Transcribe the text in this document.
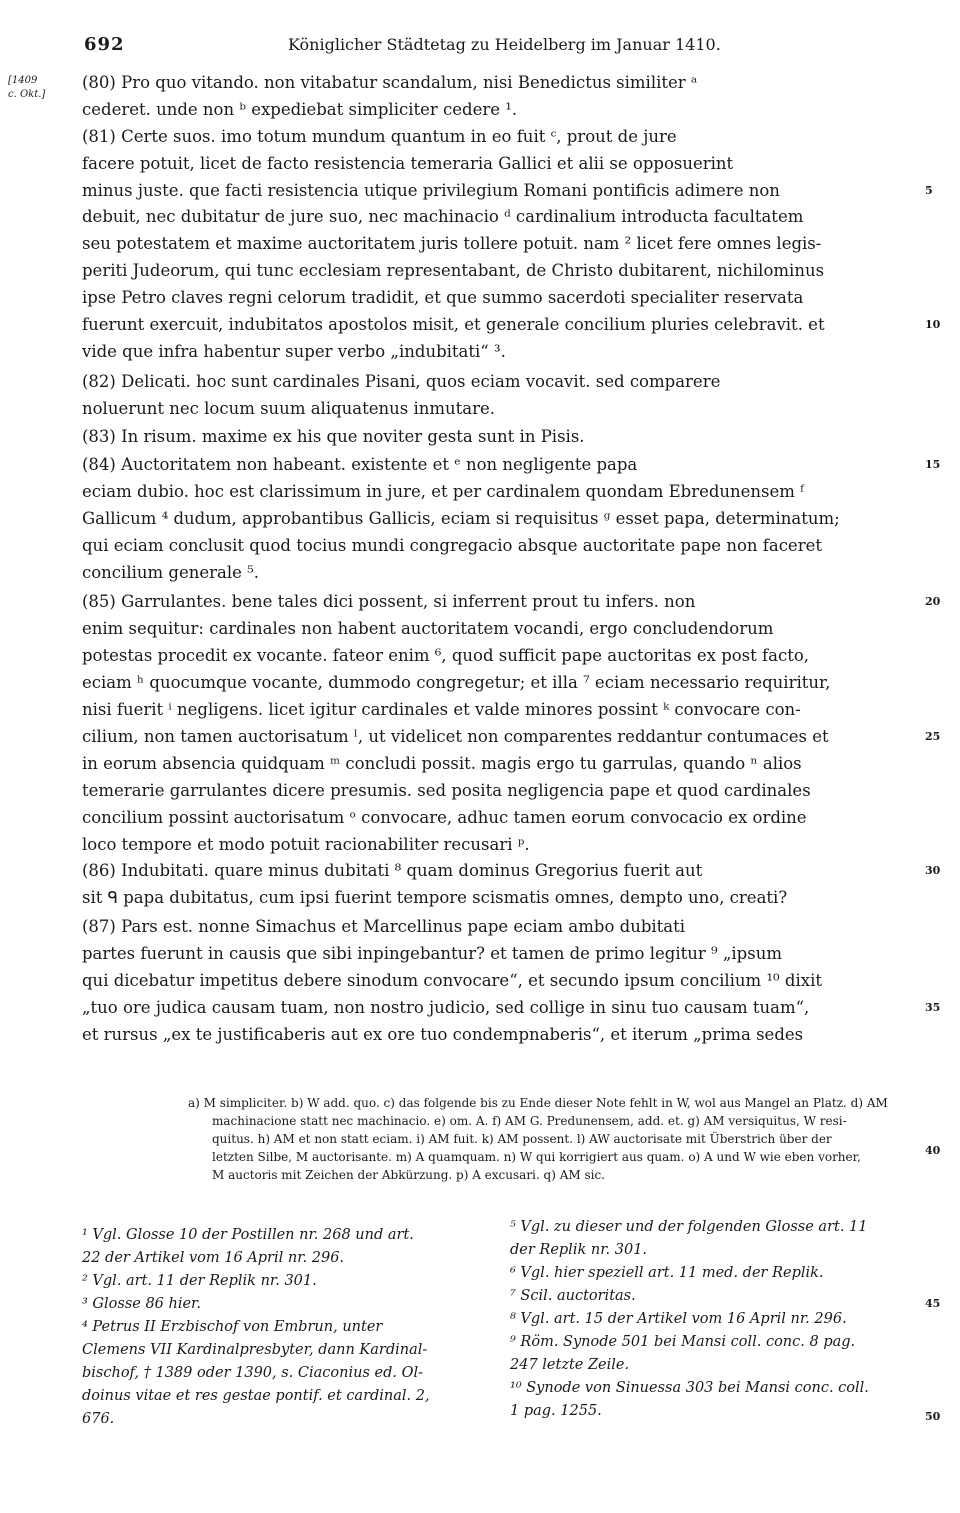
692	Königlicher Städtetag zu Heidelberg im Januar 1410.
[1409
c. Okt.]
(80) Pro quo vitando. non vitabatur scandalum, nisi Benedictus similiter ᵃ
cederet. unde non ᵇ expediebat simpliciter cedere ¹.
(81) Certe suos. imo totum mundum quantum in eo fuit ᶜ, prout de jure
facere potuit, licet de facto resistencia temeraria Gallici et alii se opposuerint
minus juste. que facti resistencia utique privilegium Romani pontificis adimere non
debuit, nec dubitatur de jure suo, nec machinacio ᵈ cardinalium introducta facultatem
seu potestatem et maxime auctoritatem juris tollere potuit. nam ² licet fere omnes legis-
periti Judeorum, qui tunc ecclesiam representabant, de Christo dubitarent, nichilominus
ipse Petro claves regni celorum tradidit, et que summo sacerdoti specialiter reservata
fuerunt exercuit, indubitatos apostolos misit, et generale concilium pluries celebravit. et
vide que infra habentur super verbo „indubitati“ ³.
(82) Delicati. hoc sunt cardinales Pisani, quos eciam vocavit. sed comparere
noluerunt nec locum suum aliquatenus inmutare.
(83) In risum. maxime ex his que noviter gesta sunt in Pisis.
(84) Auctoritatem non habeant. existente et ᵉ non negligente papa
eciam dubio. hoc est clarissimum in jure, et per cardinalem quondam Ebredunensem ᶠ
Gallicum ⁴ dudum, approbantibus Gallicis, eciam si requisitus ᵍ esset papa, determinatum;
qui eciam conclusit quod tocius mundi congregacio absque auctoritate pape non faceret
concilium generale ⁵.
(85) Garrulantes. bene tales dici possent, si inferrent prout tu infers. non
enim sequitur: cardinales non habent auctoritatem vocandi, ergo concludendorum
potestas procedit ex vocante. fateor enim ⁶, quod sufficit pape auctoritas ex post facto,
eciam ʰ quocumque vocante, dummodo congregetur; et illa ⁷ eciam necessario requiritur,
nisi fuerit ⁱ negligens. licet igitur cardinales et valde minores possint ᵏ convocare con-
cilium, non tamen auctorisatum ˡ, ut videlicet non comparentes reddantur contumaces et
in eorum absencia quidquam ᵐ concludi possit. magis ergo tu garrulas, quando ⁿ alios
temerarie garrulantes dicere presumis. sed posita negligencia pape et quod cardinales
concilium possint auctorisatum ᵒ convocare, adhuc tamen eorum convocacio ex ordine
loco tempore et modo potuit racionabiliter recusari ᵖ.
(86) Indubitati. quare minus dubitati ⁸ quam dominus Gregorius fuerit aut
sit ᑫ papa dubitatus, cum ipsi fuerint tempore scismatis omnes, dempto uno, creati?
(87) Pars est. nonne Simachus et Marcellinus pape eciam ambo dubitati
partes fuerunt in causis que sibi inpingebantur? et tamen de primo legitur ⁹ „ipsum
qui dicebatur impetitus debere sinodum convocare“, et secundo ipsum concilium ¹⁰ dixit
„tuo ore judica causam tuam, non nostro judicio, sed collige in sinu tuo causam tuam“,
et rursus „ex te justificaberis aut ex ore tuo condempnaberis“, et iterum „prima sedes
5
10
15
20
25
30
35
40
45
50
a) M simpliciter. b) W add. quo. c) das folgende bis zu Ende dieser Note fehlt in W, wol aus Mangel an Platz. d) AM
machinacione statt nec machinacio. e) om. A. f) AM G. Predunensem, add. et. g) AM versiquitus, W resi-
quitus. h) AM et non statt eciam. i) AM fuit. k) AM possent. l) AW auctorisate mit Überstrich über der
letzten Silbe, M auctorisante. m) A quamquam. n) W qui korrigiert aus quam. o) A und W wie eben vorher,
M auctoris mit Zeichen der Abkürzung. p) A excusari. q) AM sic.
¹ Vgl. Glosse 10 der Postillen nr. 268 und art.
22 der Artikel vom 16 April nr. 296.
² Vgl. art. 11 der Replik nr. 301.
³ Glosse 86 hier.
⁴ Petrus II Erzbischof von Embrun, unter
Clemens VII Kardinalpresbyter, dann Kardinal-
bischof, † 1389 oder 1390, s. Ciaconius ed. Ol-
doinus vitae et res gestae pontif. et cardinal. 2,
676.
⁵ Vgl. zu dieser und der folgenden Glosse art. 11
der Replik nr. 301.
⁶ Vgl. hier speziell art. 11 med. der Replik.
⁷ Scil. auctoritas.
⁸ Vgl. art. 15 der Artikel vom 16 April nr. 296.
⁹ Röm. Synode 501 bei Mansi coll. conc. 8 pag.
247 letzte Zeile.
¹⁰ Synode von Sinuessa 303 bei Mansi conc. coll.
1 pag. 1255.
